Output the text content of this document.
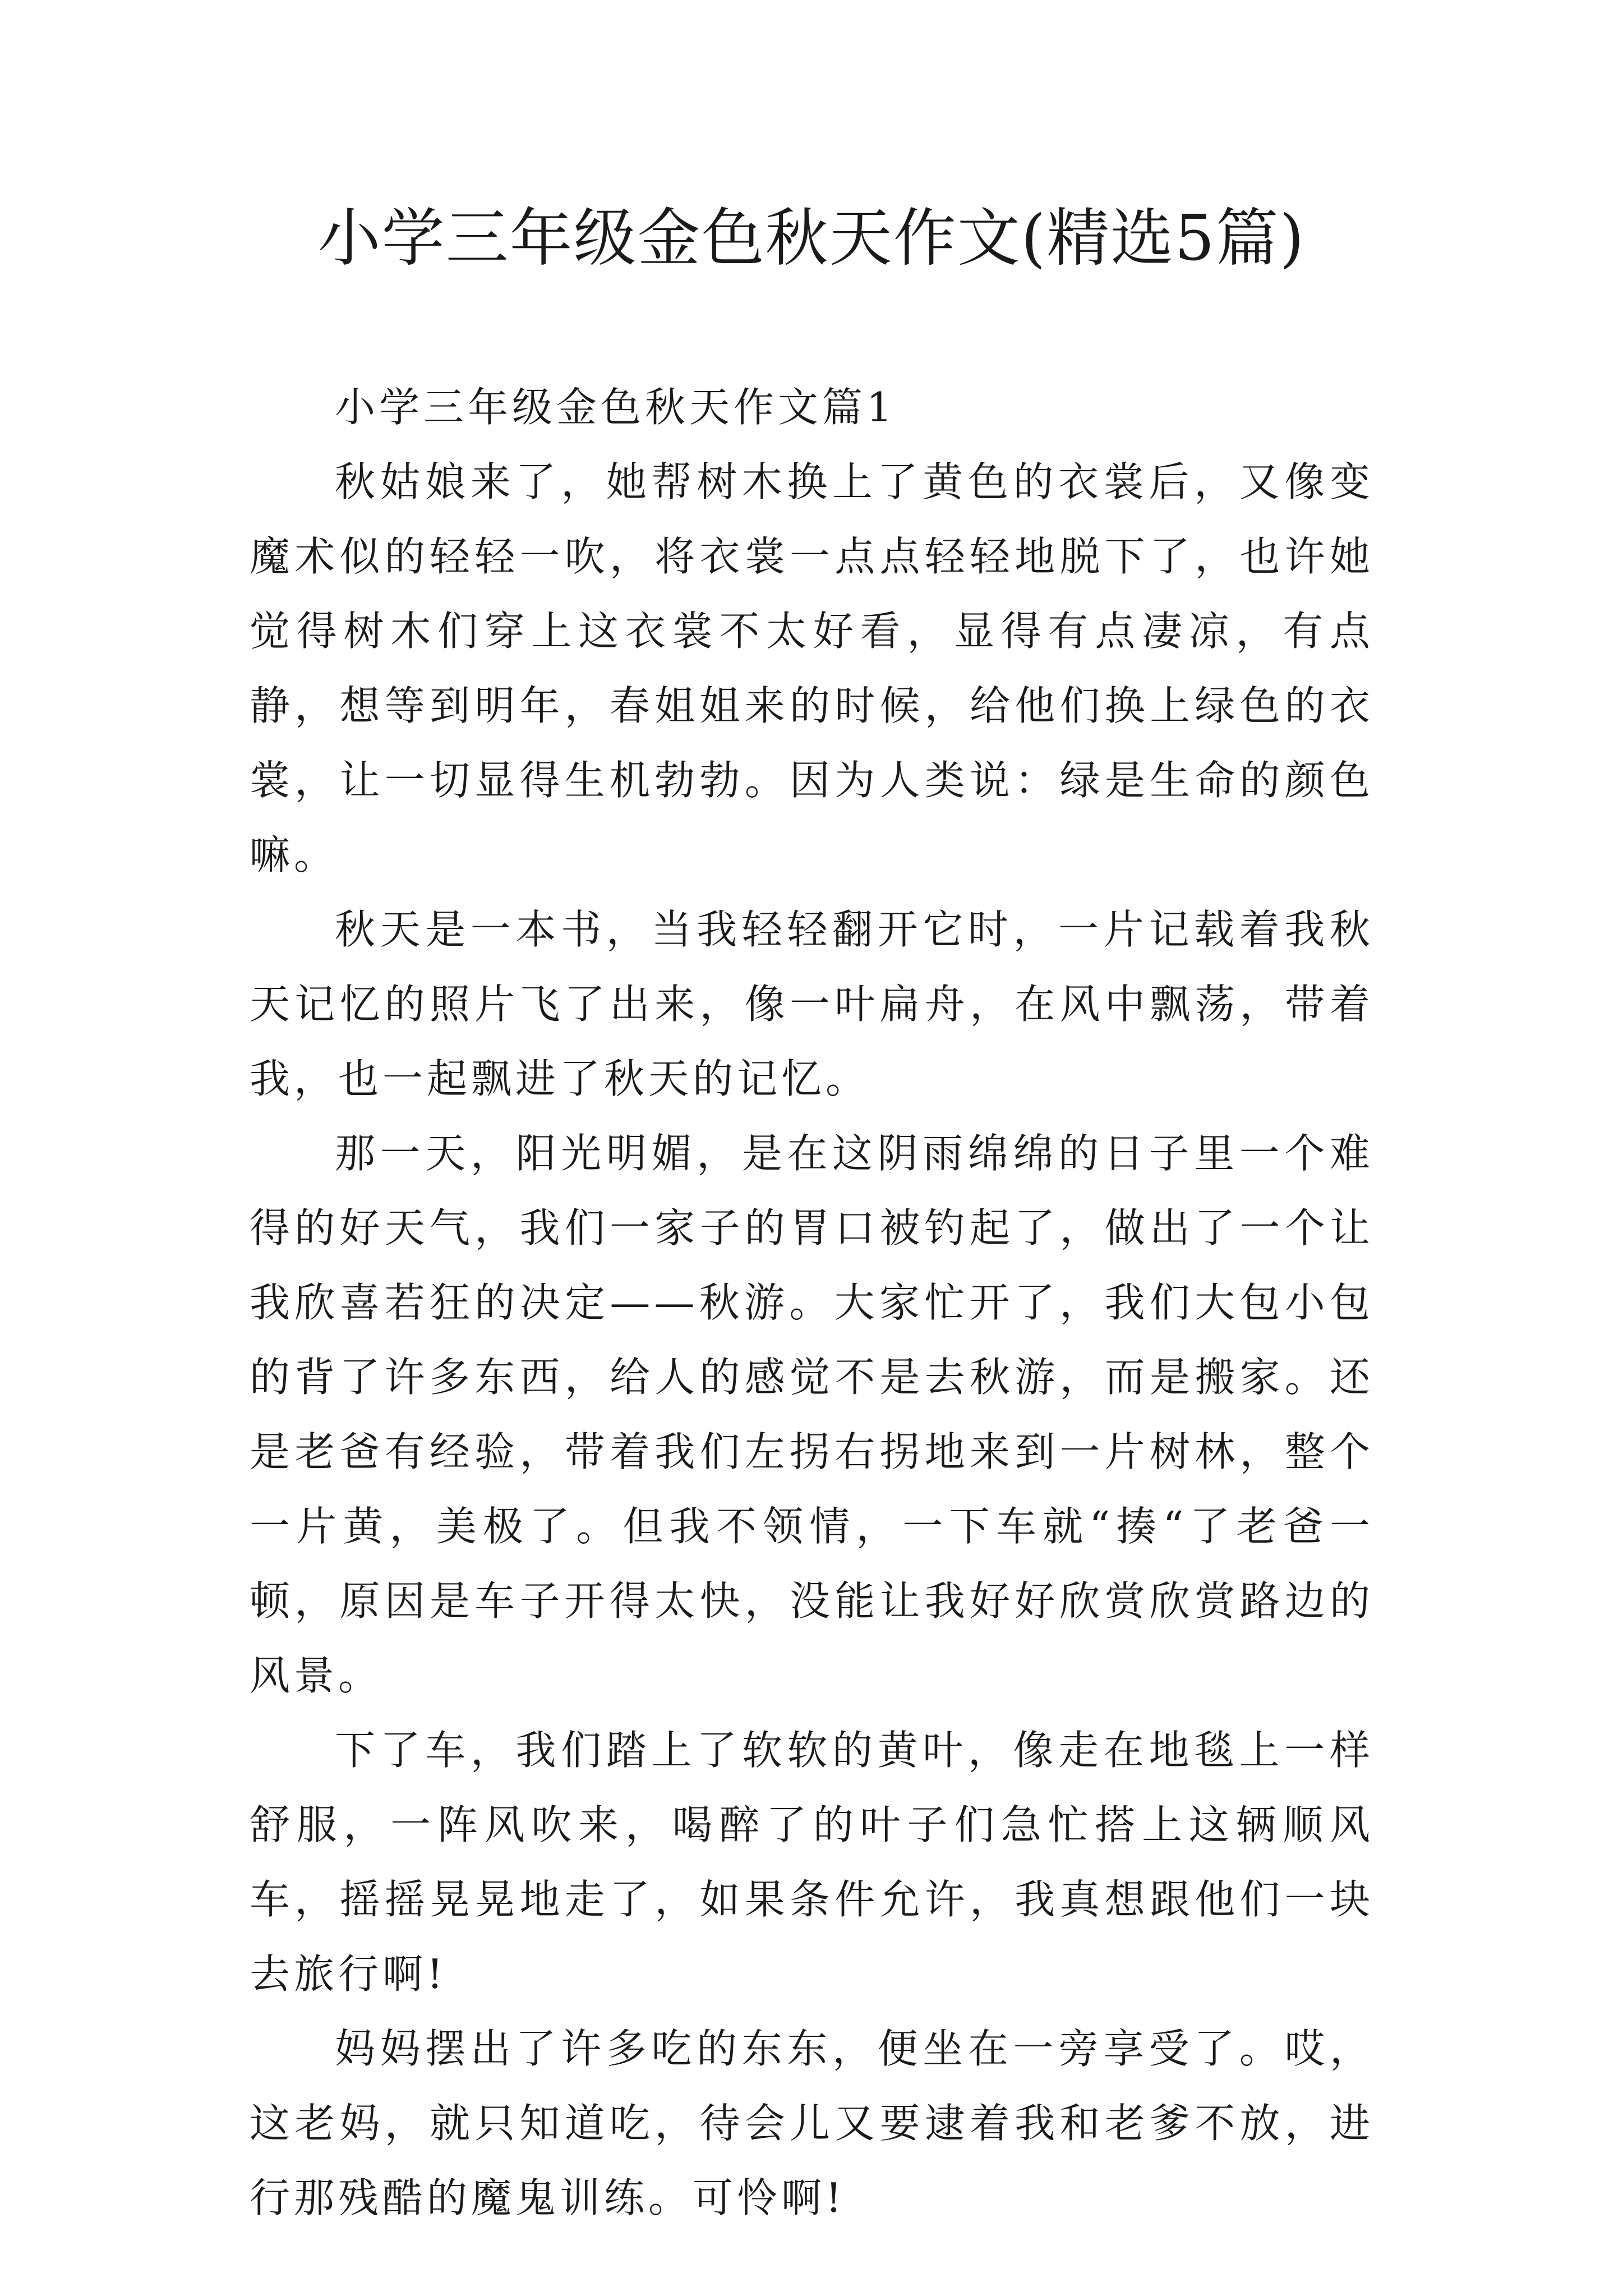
小学三年级金色秋天作文(精选5篇)
小学三年级金色秋天作文篇1

秋姑娘来了，她帮树木换上了黄色的衣裳后，又像变魔术似的轻轻一吹，将衣裳一点点轻轻地脱下了，也许她觉得树木们穿上这衣裳不太好看，显得有点凄凉，有点静，想等到明年，春姐姐来的时候，给他们换上绿色的衣裳，让一切显得生机勃勃。因为人类说：绿是生命的颜色嘛。

秋天是一本书，当我轻轻翻开它时，一片记载着我秋天记忆的照片飞了出来，像一叶扁舟，在风中飘荡，带着我，也一起飘进了秋天的记忆。

那一天，阳光明媚，是在这阴雨绵绵的日子里一个难得的好天气，我们一家子的胃口被钓起了，做出了一个让我欣喜若狂的决定——秋游。大家忙开了，我们大包小包的背了许多东西，给人的感觉不是去秋游，而是搬家。还是老爸有经验，带着我们左拐右拐地来到一片树林，整个一片黄，美极了。但我不领情，一下车就“揍“了老爸一顿，原因是车子开得太快，没能让我好好欣赏欣赏路边的风景。

下了车，我们踏上了软软的黄叶，像走在地毯上一样舒服，一阵风吹来，喝醉了的叶子们急忙搭上这辆顺风车，摇摇晃晃地走了，如果条件允许，我真想跟他们一块去旅行啊!

妈妈摆出了许多吃的东东，便坐在一旁享受了。哎，这老妈，就只知道吃，待会儿又要逮着我和老爹不放，进行那残酷的魔鬼训练。可怜啊!
